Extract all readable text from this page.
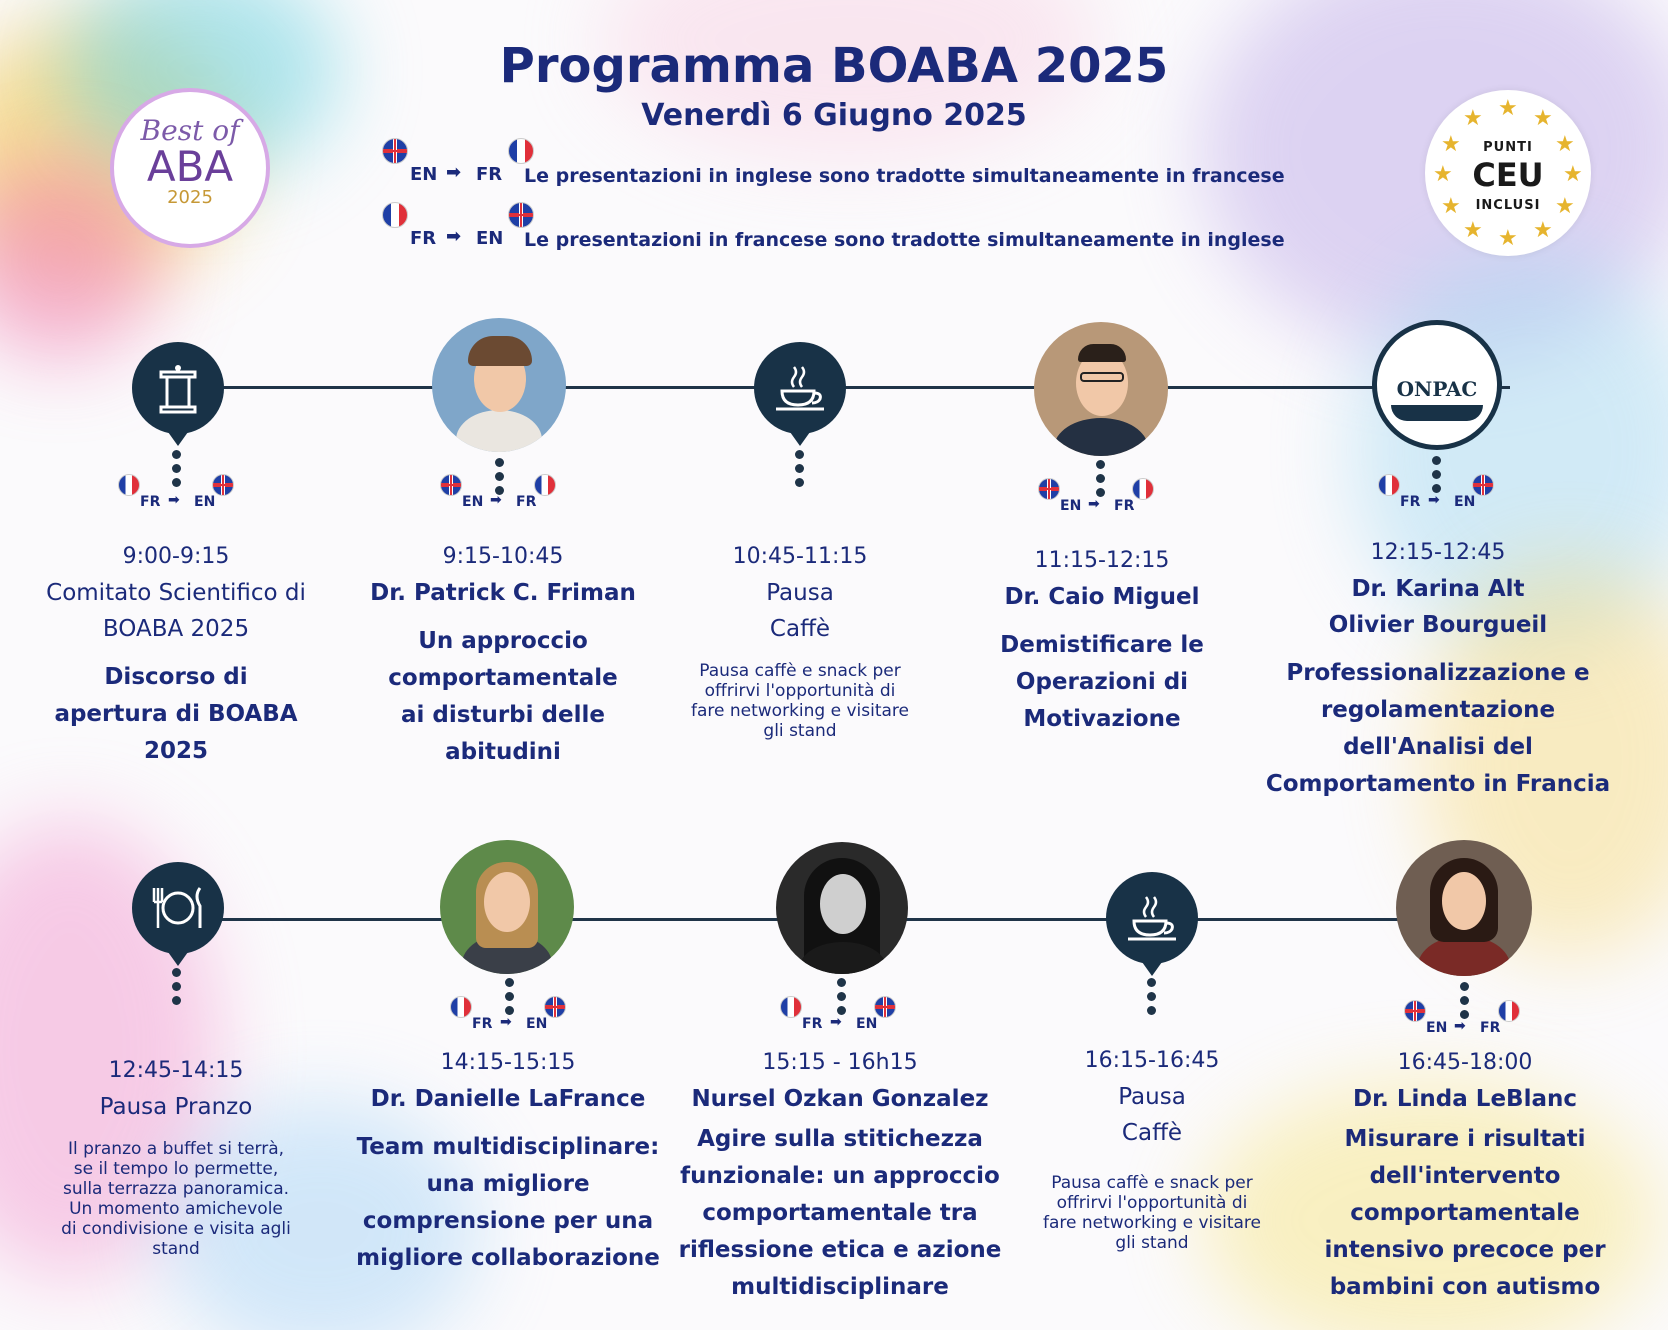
Best of
ABA
2025
Programma BOABA 2025
Venerdì 6 Giugno 2025
EN ➡ FR Le presentazioni in inglese sono tradotte simultaneamente in francese
FR ➡ EN Le presentazioni in francese sono tradotte simultaneamente in inglese
★ ★
★
★
★
★
★
★
★
★
★ ★
PUNTI
CEU
INCLUSI
FR ➡ EN
9:00-9:15
Comitato Scientifico di
BOABA 2025
Discorso di
apertura di BOABA
2025
EN ➡ FR
9:15-10:45
Dr. Patrick C. Friman
Un approccio
comportamentale
ai disturbi delle
abitudini
10:45-11:15
Pausa
Caffè
Pausa caffè e snack per
offrirvi l'opportunità di
fare networking e visitare
gli stand
EN ➡ FR
11:15-12:15
Dr. Caio Miguel
Demistificare le
Operazioni di
Motivazione
ONPAC
FR ➡ EN
12:15-12:45
Dr. Karina Alt
Olivier Bourgueil
Professionalizzazione e
regolamentazione
dell'Analisi del
Comportamento in Francia
12:45-14:15
Pausa Pranzo
Il pranzo a buffet si terrà,
se il tempo lo permette,
sulla terrazza panoramica.
Un momento amichevole
di condivisione e visita agli
stand
FR ➡ EN
14:15-15:15
Dr. Danielle LaFrance
Team multidisciplinare:
una migliore
comprensione per una
migliore collaborazione
FR ➡ EN
15:15 - 16h15
Nursel Ozkan Gonzalez
Agire sulla stitichezza
funzionale: un approccio
comportamentale tra
riflessione etica e azione
multidisciplinare
16:15-16:45
Pausa
Caffè
Pausa caffè e snack per
offrirvi l'opportunità di
fare networking e visitare
gli stand
EN ➡ FR
16:45-18:00
Dr. Linda LeBlanc
Misurare i risultati
dell'intervento
comportamentale
intensivo precoce per
bambini con autismo
